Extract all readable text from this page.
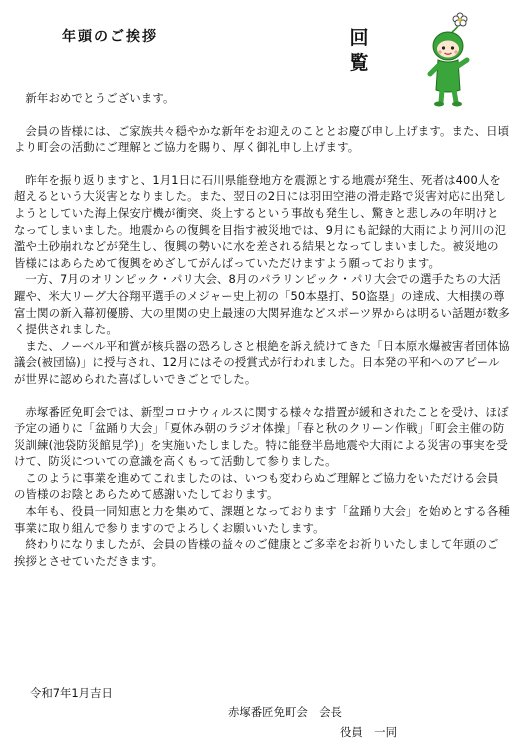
年頭のご挨拶	回覧

新年おめでとうございます。

会員の皆様には、ご家族共々穏やかな新年をお迎えのこととお慶び申し上げます。また、日頃より町会の活動にご理解とご協力を賜り、厚く御礼申し上げます。

昨年を振り返りますと、1月1日に石川県能登地方を震源とする地震が発生、死者は400人を超えるという大災害となりました。また、翌日の2日には羽田空港の滑走路で災害対応に出発しようとしていた海上保安庁機が衝突、炎上するという事故も発生し、驚きと悲しみの年明けとなってしまいました。地震からの復興を目指す被災地では、9月にも記録的大雨により河川の氾濫や土砂崩れなどが発生し、復興の勢いに水を差される結果となってしまいました。被災地の皆様にはあらためて復興をめざしてがんばっていただけますよう願っております。

一方、7月のオリンピック・パリ大会、8月のパラリンピック・パリ大会での選手たちの大活躍や、米大リーグ大谷翔平選手のメジャー史上初の「50本塁打、50盗塁」の達成、大相撲の尊富士関の新入幕初優勝、大の里関の史上最速の大関昇進などスポーツ界からは明るい話題が数多く提供されました。

また、ノーベル平和賞が核兵器の恐ろしさと根絶を訴え続けてきた「日本原水爆被害者団体協議会(被団協)」に授与され、12月にはその授賞式が行われました。日本発の平和へのアピールが世界に認められた喜ばしいできごとでした。

赤塚番匠免町会では、新型コロナウィルスに関する様々な措置が緩和されたことを受け、ほぼ予定の通りに「盆踊り大会」「夏休み朝のラジオ体操」「春と秋のクリーン作戦」「町会主催の防災訓練(池袋防災館見学)」を実施いたしました。特に能登半島地震や大雨による災害の事実を受けて、防災についての意識を高くもって活動して参りました。

このように事業を進めてこれましたのは、いつも変わらぬご理解とご協力をいただける会員の皆様のお陰とあらためて感謝いたしております。

本年も、役員一同知恵と力を集めて、課題となっております「盆踊り大会」を始めとする各種事業に取り組んで参りますのでよろしくお願いいたします。

終わりになりましたが、会員の皆様の益々のご健康とご多幸をお祈りいたしまして年頭のご挨拶とさせていただきます。

令和7年1月吉日
赤塚番匠免町会　会長
役員　一同
